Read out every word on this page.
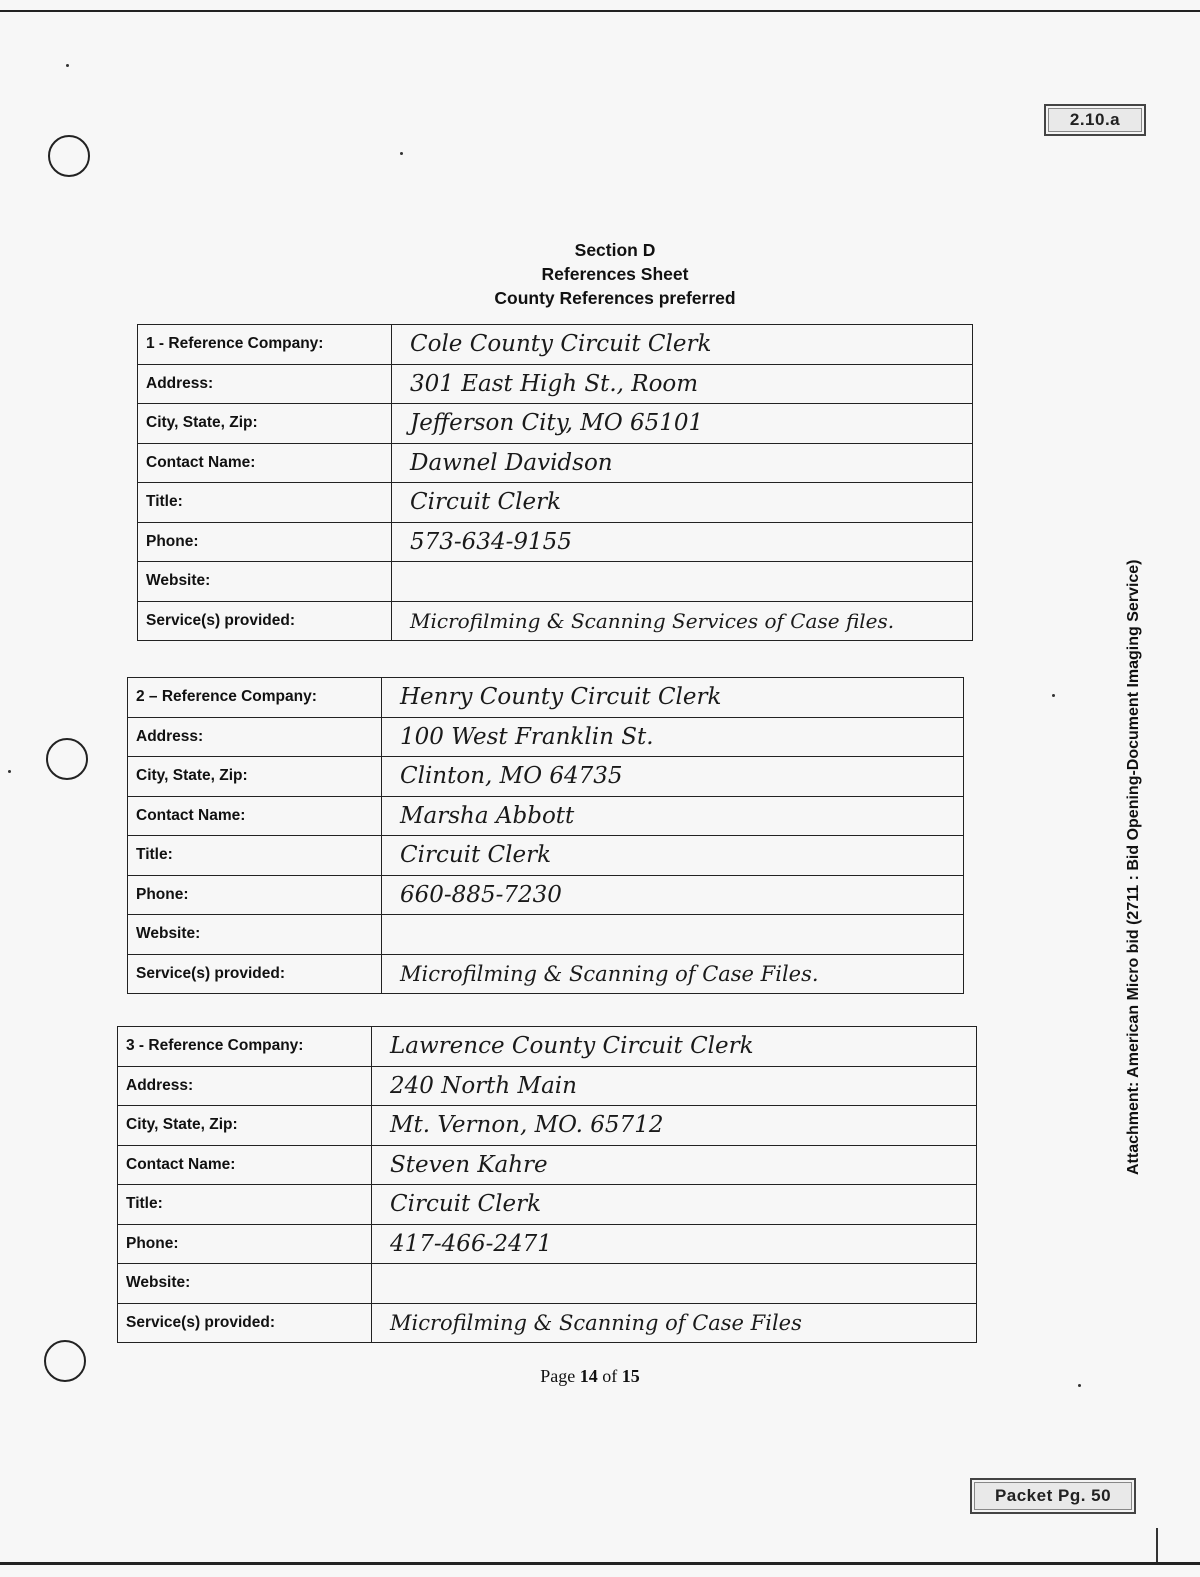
2.10.a
Section D
References Sheet
County References preferred
1 - Reference Company:	Cole County Circuit Clerk
Address:	301 East High St., Room
City, State, Zip:	Jefferson City, MO 65101
Contact Name:	Dawnel Davidson
Title:	Circuit Clerk
Phone:	573-634-9155
Website:	
Service(s) provided:	Microfilming & Scanning Services of Case files.
2 – Reference Company:	Henry County Circuit Clerk
Address:	100 West Franklin St.
City, State, Zip:	Clinton, MO 64735
Contact Name:	Marsha Abbott
Title:	Circuit Clerk
Phone:	660-885-7230
Website:	
Service(s) provided:	Microfilming & Scanning of Case Files.
3 - Reference Company:	Lawrence County Circuit Clerk
Address:	240 North Main
City, State, Zip:	Mt. Vernon, MO. 65712
Contact Name:	Steven Kahre
Title:	Circuit Clerk
Phone:	417-466-2471
Website:	
Service(s) provided:	Microfilming & Scanning of Case Files
Page 14 of 15
Attachment: American Micro bid (2711 : Bid Opening-Document Imaging Service)
Packet Pg. 50
